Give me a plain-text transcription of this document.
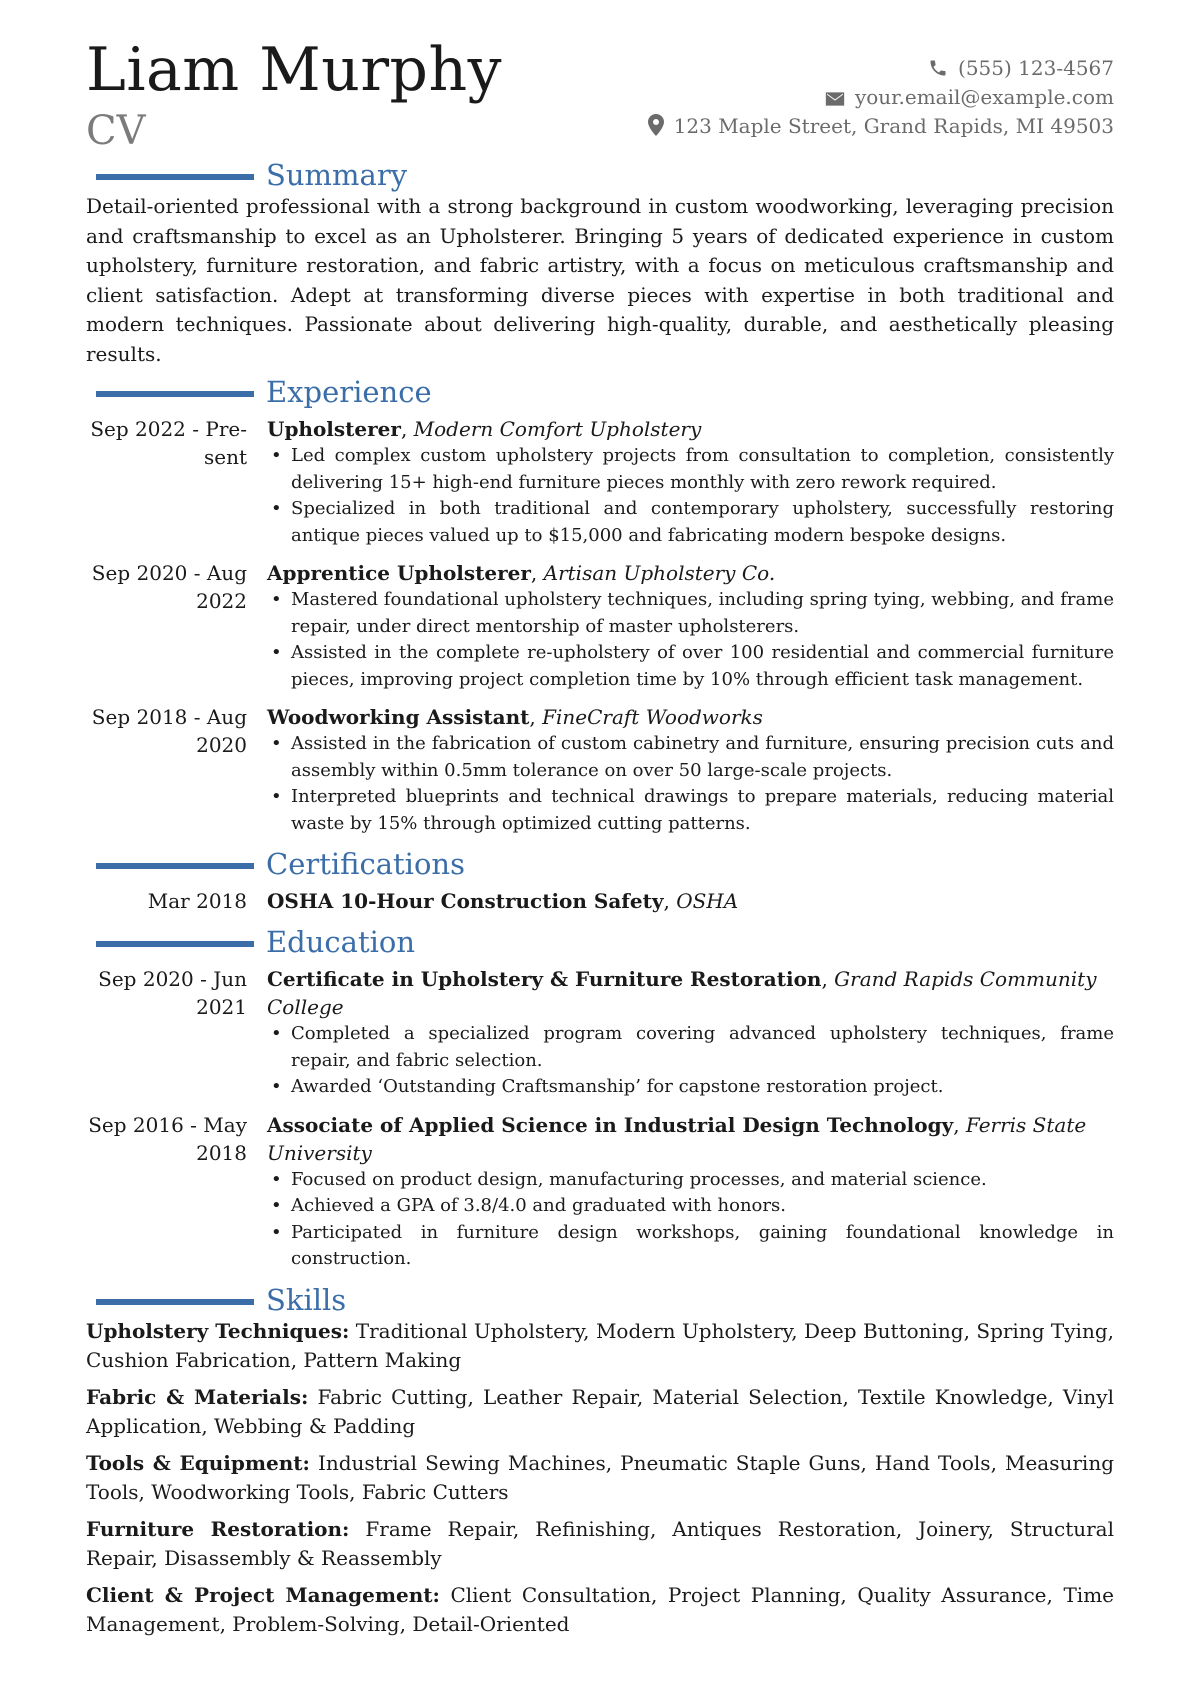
Liam Murphy
CV
(555) 123-4567
your.email@example.com
123 Maple Street, Grand Rapids, MI 49503
Summary
Detail-oriented professional with a strong background in custom woodworking, leveraging precision and craftsmanship to excel as an Upholsterer. Bringing 5 years of dedicated experience in custom upholstery, furniture restoration, and fabric artistry, with a focus on meticulous craftsmanship and client satisfaction. Adept at transforming diverse pieces with expertise in both traditional and modern techniques. Passionate about delivering high-quality, durable, and aesthetically pleasing results.
Experience
Sep 2022 - Present
Upholsterer, Modern Comfort Upholstery
• Led complex custom upholstery projects from consultation to completion, consistently delivering 15+ high-end furniture pieces monthly with zero rework required.
• Specialized in both traditional and contemporary upholstery, successfully restoring antique pieces valued up to $15,000 and fabricating modern bespoke designs.
Sep 2020 - Aug 2022
Apprentice Upholsterer, Artisan Upholstery Co.
• Mastered foundational upholstery techniques, including spring tying, webbing, and frame repair, under direct mentorship of master upholsterers.
• Assisted in the complete re-upholstery of over 100 residential and commercial furniture pieces, improving project completion time by 10% through efficient task management.
Sep 2018 - Aug 2020
Woodworking Assistant, FineCraft Woodworks
• Assisted in the fabrication of custom cabinetry and furniture, ensuring precision cuts and assembly within 0.5mm tolerance on over 50 large-scale projects.
• Interpreted blueprints and technical drawings to prepare materials, reducing material waste by 15% through optimized cutting patterns.
Certifications
Mar 2018 OSHA 10-Hour Construction Safety, OSHA
Education
Sep 2020 - Jun 2021
Certificate in Upholstery & Furniture Restoration, Grand Rapids Community College
• Completed a specialized program covering advanced upholstery techniques, frame repair, and fabric selection.
• Awarded ‘Outstanding Craftsmanship’ for capstone restoration project.
Sep 2016 - May 2018
Associate of Applied Science in Industrial Design Technology, Ferris State University
• Focused on product design, manufacturing processes, and material science.
• Achieved a GPA of 3.8/4.0 and graduated with honors.
• Participated in furniture design workshops, gaining foundational knowledge in construction.
Skills
Upholstery Techniques: Traditional Upholstery, Modern Upholstery, Deep Buttoning, Spring Tying, Cushion Fabrication, Pattern Making
Fabric & Materials: Fabric Cutting, Leather Repair, Material Selection, Textile Knowledge, Vinyl Application, Webbing & Padding
Tools & Equipment: Industrial Sewing Machines, Pneumatic Staple Guns, Hand Tools, Measuring Tools, Woodworking Tools, Fabric Cutters
Furniture Restoration: Frame Repair, Refinishing, Antiques Restoration, Joinery, Structural Repair, Disassembly & Reassembly
Client & Project Management: Client Consultation, Project Planning, Quality Assurance, Time Management, Problem-Solving, Detail-Oriented
